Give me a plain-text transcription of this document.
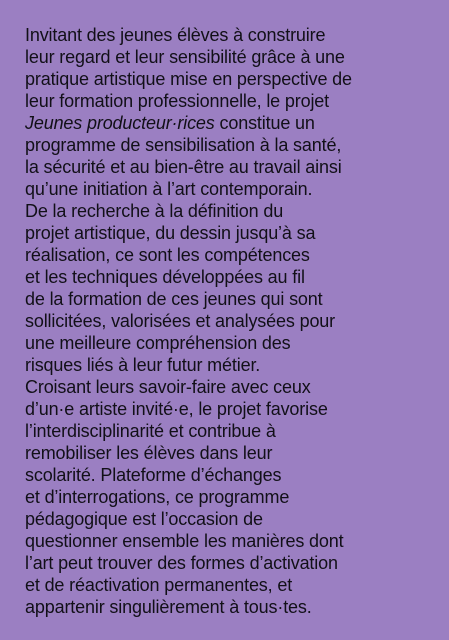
Invitant des jeunes élèves à construire
leur regard et leur sensibilité grâce à une
pratique artistique mise en perspective de
leur formation professionnelle, le projet
Jeunes producteur·rices constitue un
programme de sensibilisation à la santé,
la sécurité et au bien-être au travail ainsi
qu’une initiation à l’art contemporain.
De la recherche à la définition du
projet artistique, du dessin jusqu’à sa
réalisation, ce sont les compétences
et les techniques développées au fil
de la formation de ces jeunes qui sont
sollicitées, valorisées et analysées pour
une meilleure compréhension des
risques liés à leur futur métier.
Croisant leurs savoir-faire avec ceux
d’un·e artiste invité·e, le projet favorise
l’interdisciplinarité et contribue à
remobiliser les élèves dans leur
scolarité. Plateforme d’échanges
et d’interrogations, ce programme
pédagogique est l’occasion de
questionner ensemble les manières dont
l’art peut trouver des formes d’activation
et de réactivation permanentes, et
appartenir singulièrement à tous·tes.
